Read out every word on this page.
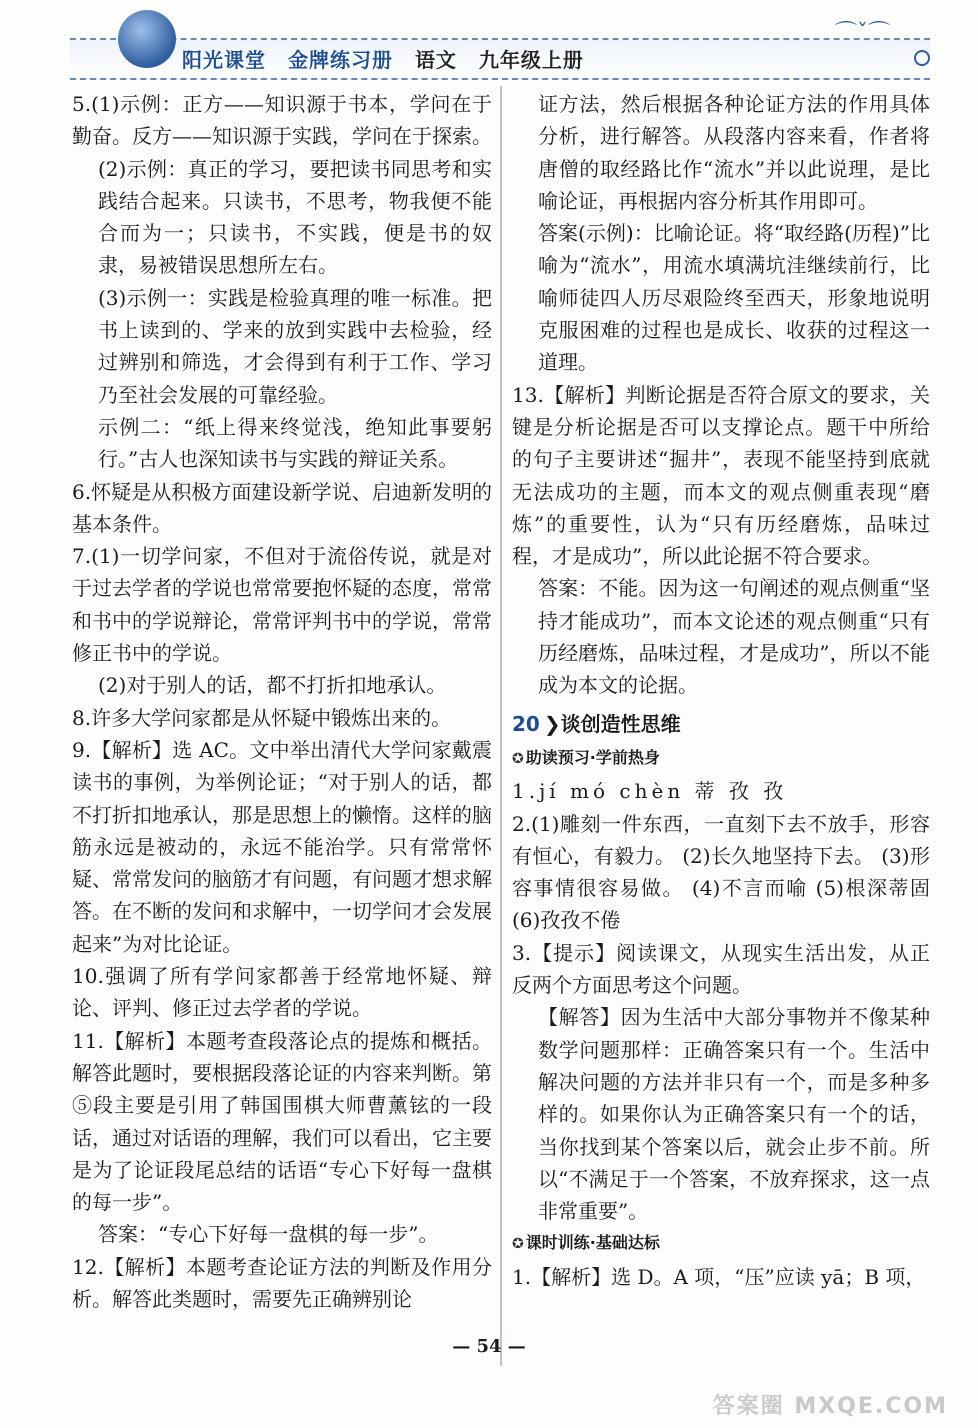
阳光课堂 金牌练习册 语文 九年级上册
⌒ˇ⌒

5.(1)示例：正方——知识源于书本，学问在于勤奋。反方——知识源于实践，学问在于探索。

(2)示例：真正的学习，要把读书同思考和实践结合起来。只读书，不思考，物我便不能合而为一；只读书，不实践，便是书的奴隶，易被错误思想所左右。

(3)示例一：实践是检验真理的唯一标准。把书上读到的、学来的放到实践中去检验，经过辨别和筛选，才会得到有利于工作、学习乃至社会发展的可靠经验。

示例二：“纸上得来终觉浅，绝知此事要躬行。”古人也深知读书与实践的辩证关系。

6.怀疑是从积极方面建设新学说、启迪新发明的基本条件。

7.(1)一切学问家，不但对于流俗传说，就是对于过去学者的学说也常常要抱怀疑的态度，常常和书中的学说辩论，常常评判书中的学说，常常修正书中的学说。

(2)对于别人的话，都不打折扣地承认。

8.许多大学问家都是从怀疑中锻炼出来的。

9.【解析】选 AC。文中举出清代大学问家戴震读书的事例，为举例论证；“对于别人的话，都不打折扣地承认，那是思想上的懒惰。这样的脑筋永远是被动的，永远不能治学。只有常常怀疑、常常发问的脑筋才有问题，有问题才想求解答。在不断的发问和求解中，一切学问才会发展起来”为对比论证。

10.强调了所有学问家都善于经常地怀疑、辩论、评判、修正过去学者的学说。

11.【解析】本题考查段落论点的提炼和概括。解答此题时，要根据段落论证的内容来判断。第⑤段主要是引用了韩国围棋大师曹薰铉的一段话，通过对话语的理解，我们可以看出，它主要是为了论证段尾总结的话语“专心下好每一盘棋的每一步”。

答案：“专心下好每一盘棋的每一步”。

12.【解析】本题考查论证方法的判断及作用分析。解答此类题时，需要先正确辨别论

证方法，然后根据各种论证方法的作用具体分析，进行解答。从段落内容来看，作者将唐僧的取经路比作“流水”并以此说理，是比喻论证，再根据内容分析其作用即可。

答案(示例)：比喻论证。将“取经路(历程)”比喻为“流水”，用流水填满坑洼继续前行，比喻师徒四人历尽艰险终至西天，形象地说明克服困难的过程也是成长、收获的过程这一道理。

13.【解析】判断论据是否符合原文的要求，关键是分析论据是否可以支撑论点。题干中所给的句子主要讲述“掘井”，表现不能坚持到底就无法成功的主题，而本文的观点侧重表现“磨炼”的重要性，认为“只有历经磨炼，品味过程，才是成功”，所以此论据不符合要求。

答案：不能。因为这一句阐述的观点侧重“坚持才能成功”，而本文论述的观点侧重“只有历经磨炼，品味过程，才是成功”，所以不能成为本文的论据。

20 ❯谈创造性思维

✪ 助读预习·学前热身

1.jí mó chèn 蒂 孜 孜

2.(1)雕刻一件东西，一直刻下去不放手，形容有恒心，有毅力。 (2)长久地坚持下去。 (3)形容事情很容易做。 (4)不言而喻 (5)根深蒂固 (6)孜孜不倦

3.【提示】阅读课文，从现实生活出发，从正反两个方面思考这个问题。

【解答】因为生活中大部分事物并不像某种数学问题那样：正确答案只有一个。生活中解决问题的方法并非只有一个，而是多种多样的。如果你认为正确答案只有一个的话，当你找到某个答案以后，就会止步不前。所以“不满足于一个答案，不放弃探求，这一点非常重要”。

✪ 课时训练·基础达标

1.【解析】选 D。A 项，“压”应读 yā；B 项，

— 54 —
答案圈 MXQE.COM
